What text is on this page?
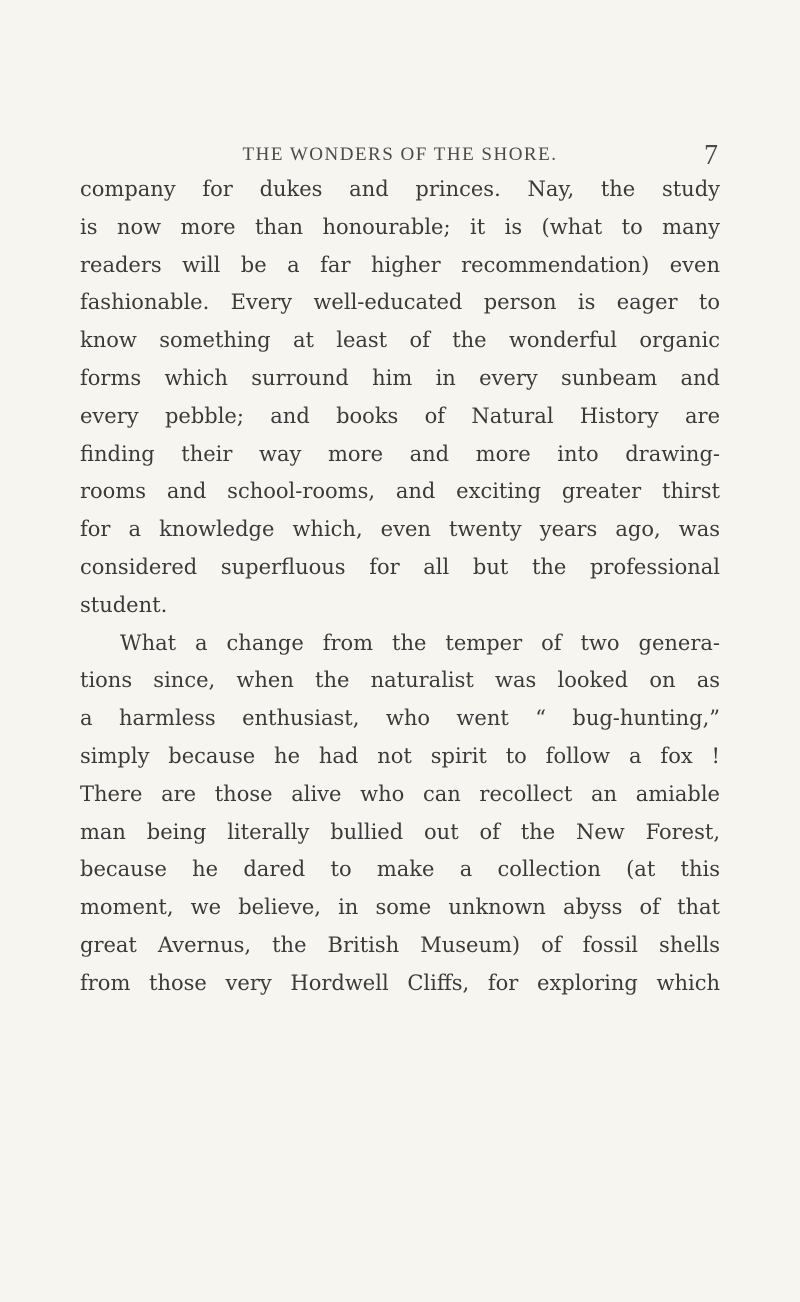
THE WONDERS OF THE SHORE.	7
company for dukes and princes. Nay, the study
is now more than honourable; it is (what to many
readers will be a far higher recommendation) even
fashionable. Every well-educated person is eager to
know something at least of the wonderful organic
forms which surround him in every sunbeam and
every pebble; and books of Natural History are
finding their way more and more into drawing-
rooms and school-rooms, and exciting greater thirst
for a knowledge which, even twenty years ago, was
considered superfluous for all but the professional
student.
What a change from the temper of two genera-
tions since, when the naturalist was looked on as
a harmless enthusiast, who went “ bug-hunting,”
simply because he had not spirit to follow a fox !
There are those alive who can recollect an amiable
man being literally bullied out of the New Forest,
because he dared to make a collection (at this
moment, we believe, in some unknown abyss of that
great Avernus, the British Museum) of fossil shells
from those very Hordwell Cliffs, for exploring which
